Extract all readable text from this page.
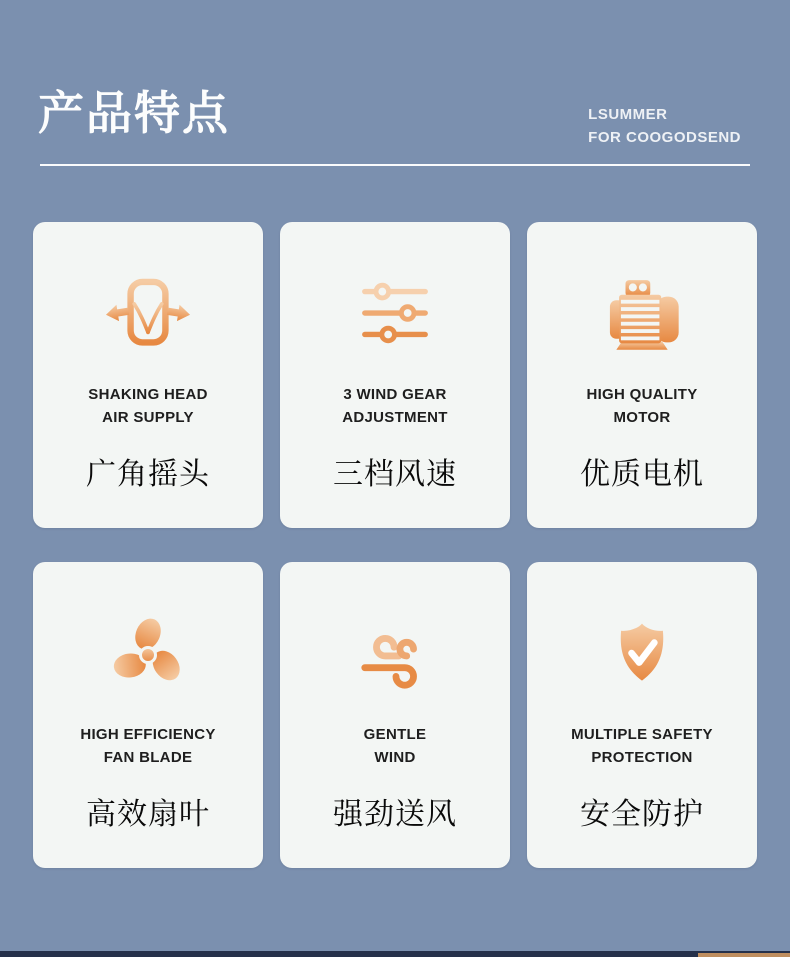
产品特点	LSUMMER
FOR COOGODSEND
SHAKING HEAD
AIR SUPPLY
广角摇头
3 WIND GEAR
ADJUSTMENT
三档风速
HIGH QUALITY
MOTOR
优质电机
HIGH EFFICIENCY
FAN BLADE
高效扇叶
GENTLE
WIND
强劲送风
MULTIPLE SAFETY
PROTECTION
安全防护
